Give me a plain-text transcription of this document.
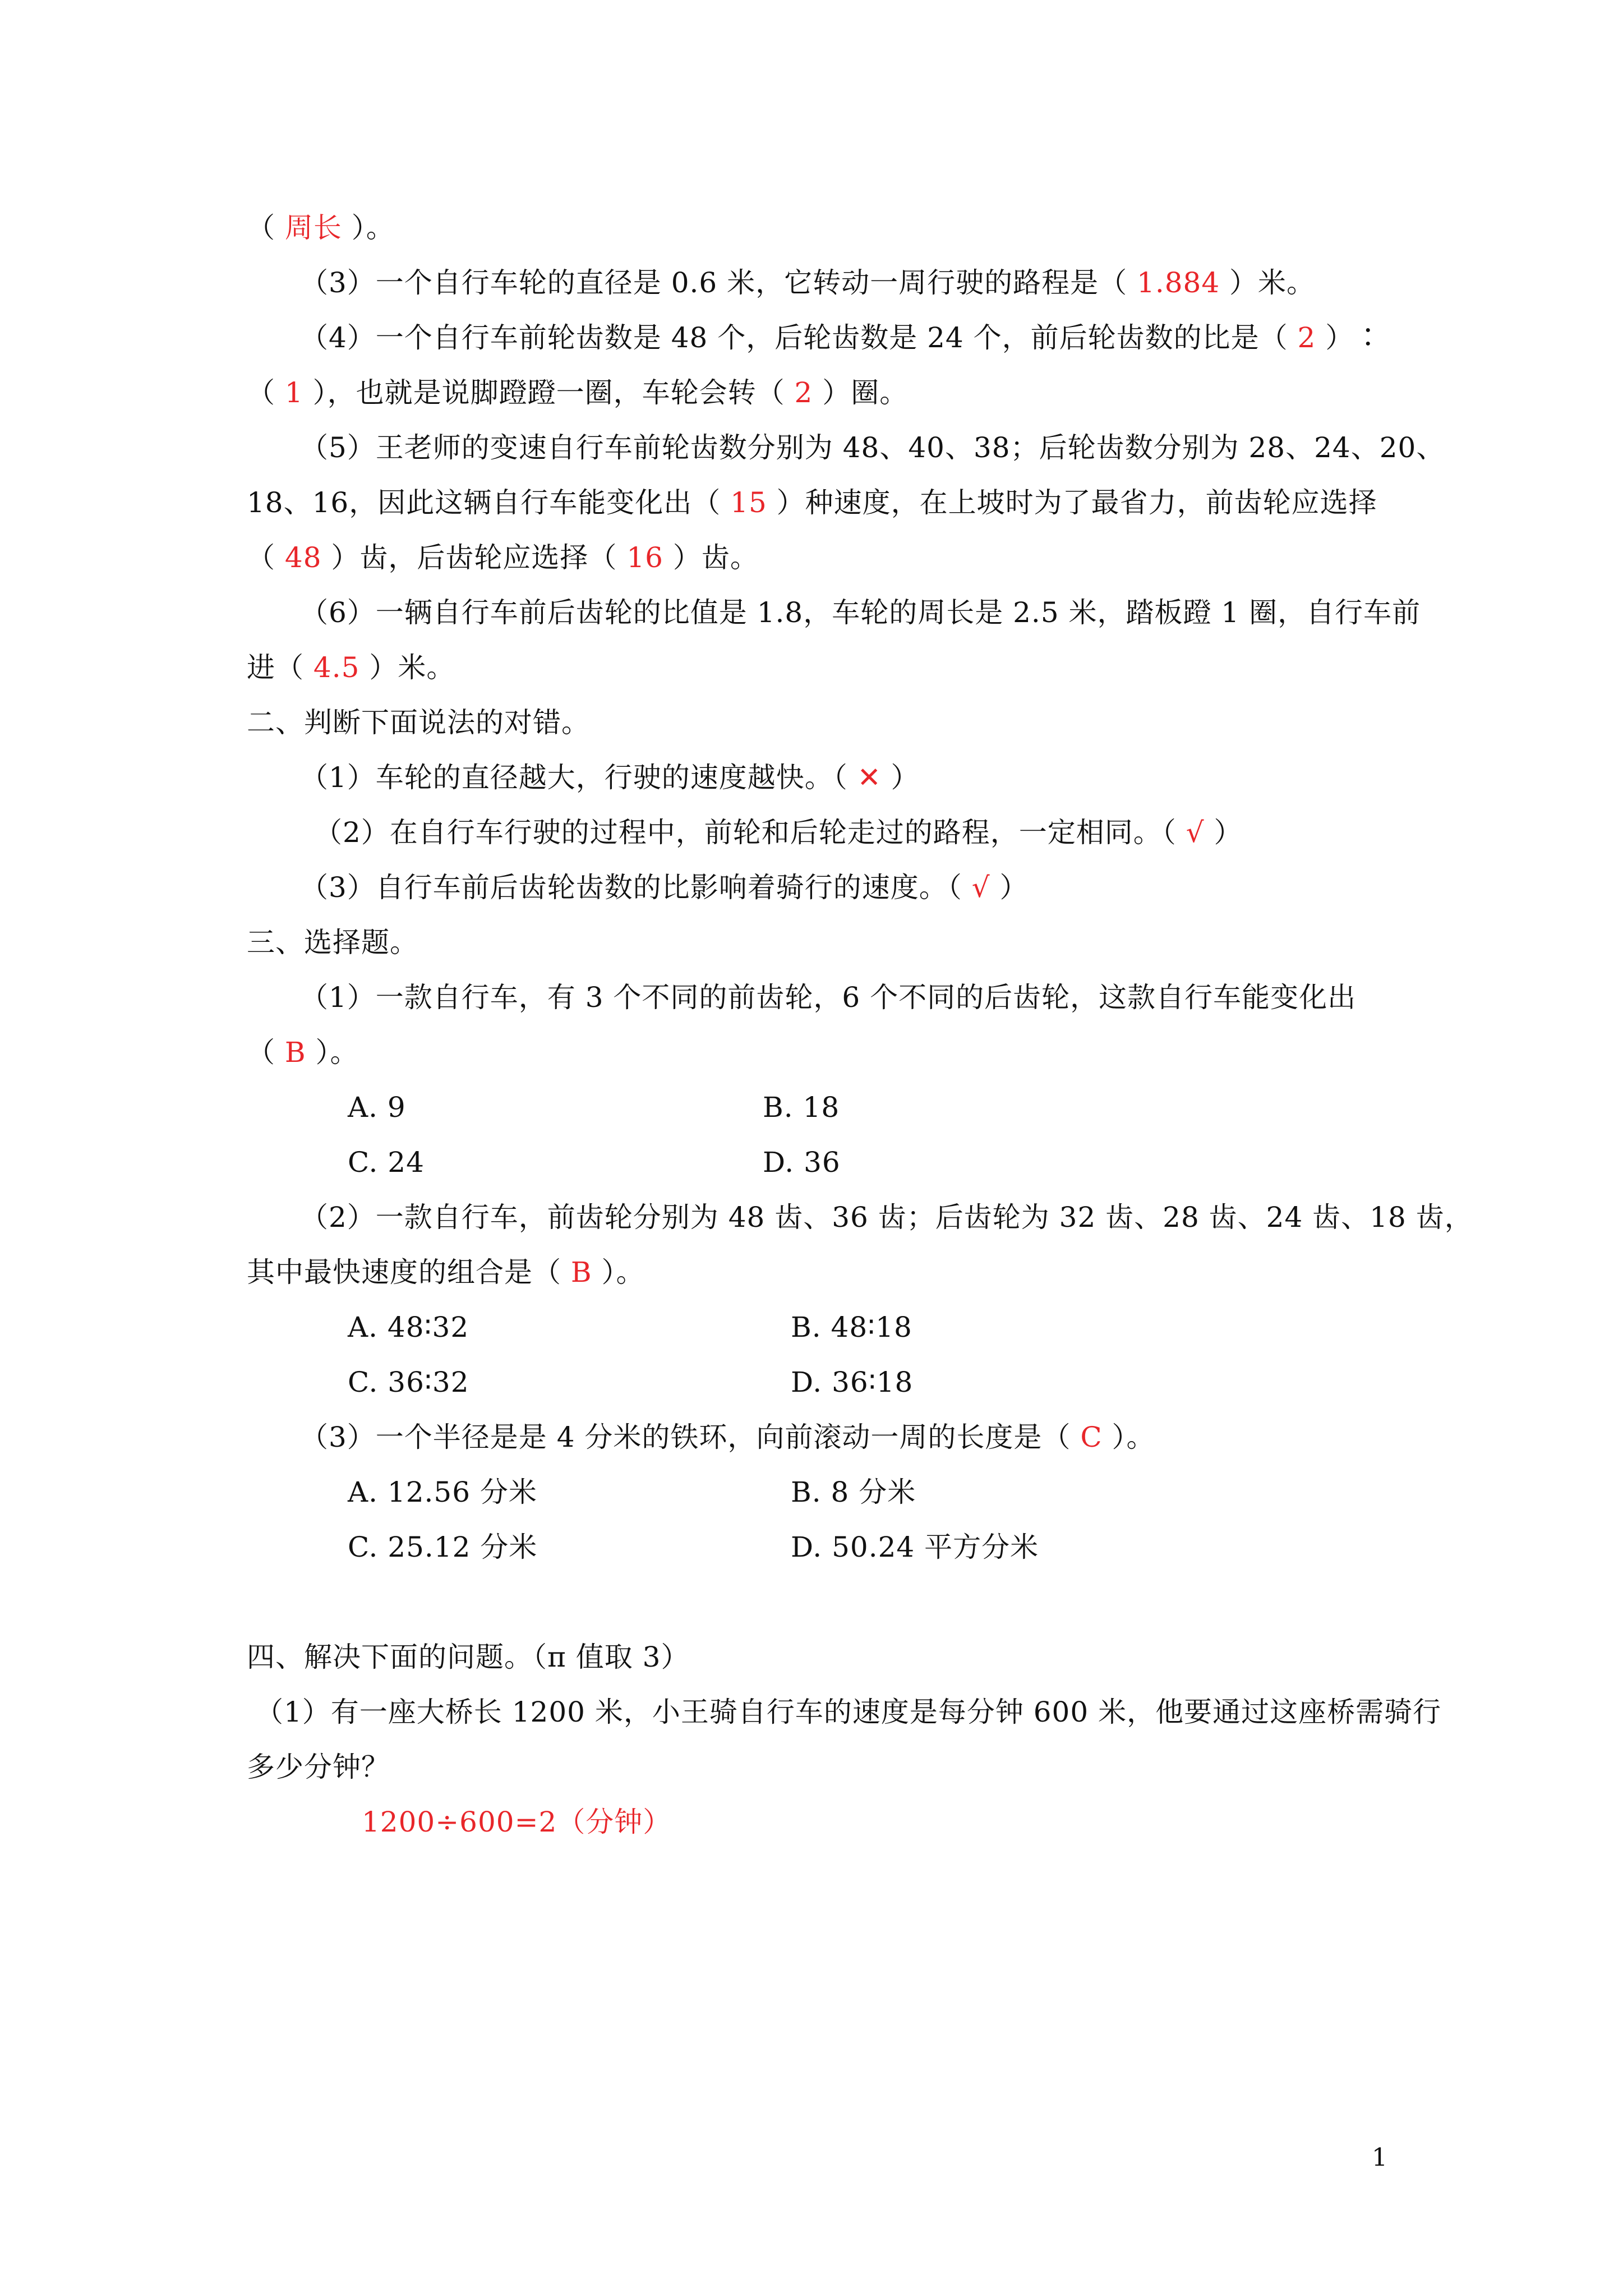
（ 周长 ）。
（3）一个自行车轮的直径是 0.6 米，它转动一周行驶的路程是（ 1.884 ）米。
（4）一个自行车前轮齿数是 48 个，后轮齿数是 24 个，前后轮齿数的比是（ 2 ）∶
（ 1 ），也就是说脚蹬蹬一圈，车轮会转（ 2 ）圈。
（5）王老师的变速自行车前轮齿数分别为 48、40、38；后轮齿数分别为 28、24、20、
18、16，因此这辆自行车能变化出（ 15 ）种速度，在上坡时为了最省力，前齿轮应选择
（ 48 ）齿，后齿轮应选择（ 16 ）齿。
（6）一辆自行车前后齿轮的比值是 1.8，车轮的周长是 2.5 米，踏板蹬 1 圈，自行车前
进（ 4.5 ）米。
二、判断下面说法的对错。
（1）车轮的直径越大，行驶的速度越快。（ ✕ ）
（2）在自行车行驶的过程中，前轮和后轮走过的路程，一定相同。（ √ ）
（3）自行车前后齿轮齿数的比影响着骑行的速度。（ √ ）
三、选择题。
（1）一款自行车，有 3 个不同的前齿轮，6 个不同的后齿轮，这款自行车能变化出
（ B ）。
A. 9	B. 18
C. 24	D. 36
（2）一款自行车，前齿轮分别为 48 齿、36 齿；后齿轮为 32 齿、28 齿、24 齿、18 齿，
其中最快速度的组合是（ B ）。
A. 48∶32	B. 48∶18
C. 36∶32	D. 36∶18
（3）一个半径是是 4 分米的铁环，向前滚动一周的长度是（ C ）。
A. 12.56 分米	B. 8 分米
C. 25.12 分米	D. 50.24 平方分米
四、解决下面的问题。（π 值取 3）
（1）有一座大桥长 1200 米，小王骑自行车的速度是每分钟 600 米，他要通过这座桥需骑行
多少分钟？
1200÷600=2（分钟）
1
